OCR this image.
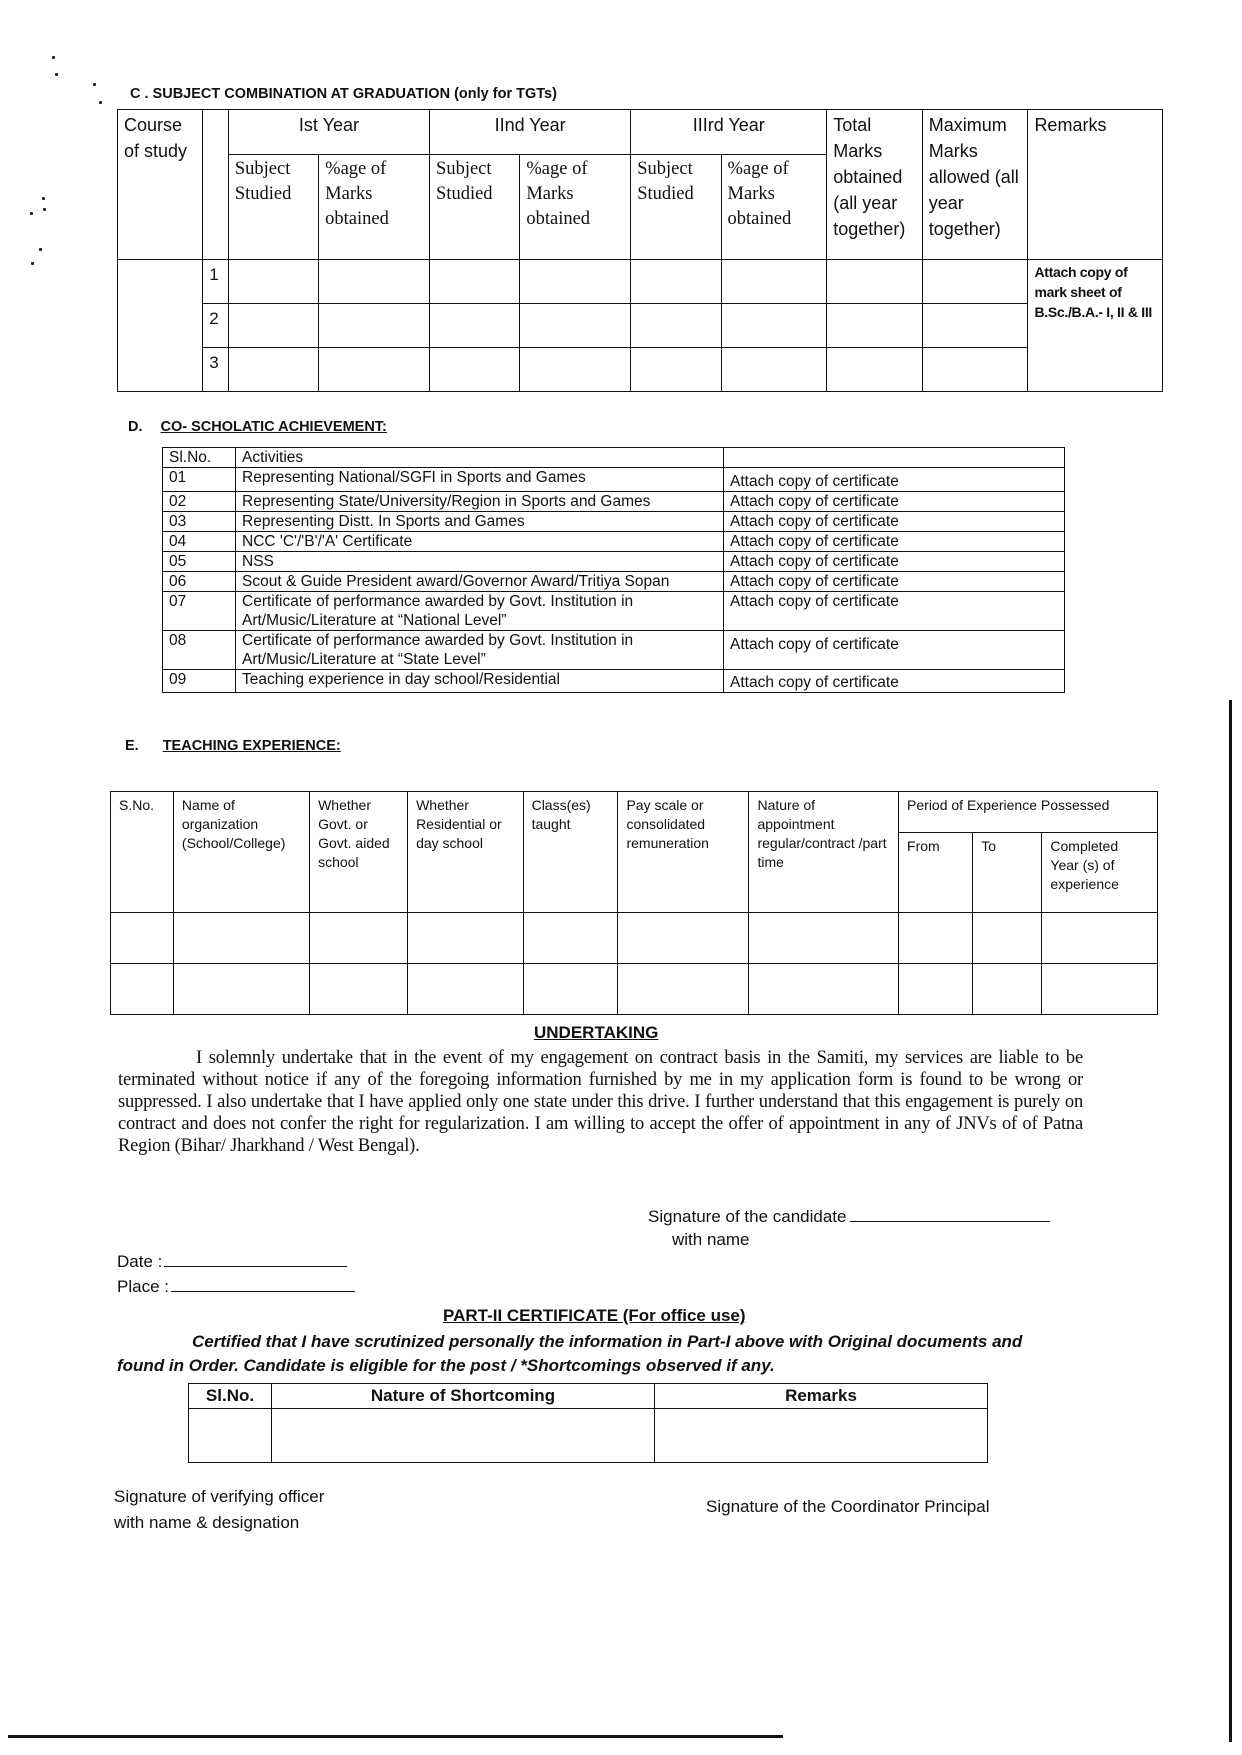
C . SUBJECT COMBINATION AT GRADUATION (only for TGTs)
Course of study		Ist Year		IInd Year		IIIrd Year		Total Marks obtained (all year together)	Maximum Marks allowed (all year together)	Remarks
		Subject Studied	%age of Marks obtained	Subject Studied	%age of Marks obtained	Subject Studied	%age of Marks obtained			
	1									Attach copy of mark sheet of B.Sc./B.A.- I, II & III
	2									
	3									
D. CO- SCHOLATIC ACHIEVEMENT:
Sl.No.	Activities	
01	Representing National/SGFI in Sports and Games	Attach copy of certificate
02	Representing State/University/Region in Sports and Games	Attach copy of certificate
03	Representing Distt. In Sports and Games	Attach copy of certificate
04	NCC 'C'/'B'/'A' Certificate	Attach copy of certificate
05	NSS	Attach copy of certificate
06	Scout & Guide President award/Governor Award/Tritiya Sopan	Attach copy of certificate
07	Certificate of performance awarded by Govt. Institution in Art/Music/Literature at “National Level”	Attach copy of certificate
08	Certificate of performance awarded by Govt. Institution in Art/Music/Literature at “State Level”	Attach copy of certificate
09	Teaching experience in day school/Residential	Attach copy of certificate
E. TEACHING EXPERIENCE:
S.No.	Name of organization (School/College)	Whether Govt. or Govt. aided school	Whether Residential or day school	Class(es) taught	Pay scale or consolidated remuneration	Nature of appointment regular/contract /part time	Period of Experience Possessed		
							From	To	Completed Year (s) of experience

UNDERTAKING
I solemnly undertake that in the event of my engagement on contract basis in the Samiti, my services are liable to be terminated without notice if any of the foregoing information furnished by me in my application form is found to be wrong or suppressed. I also undertake that I have applied only one state under this drive. I further understand that this engagement is purely on contract and does not confer the right for regularization. I am willing to accept the offer of appointment in any of JNVs of of Patna Region (Bihar/ Jharkhand / West Bengal).
Signature of the candidate
with name
Date :
Place :
PART-II CERTIFICATE (For office use)
Certified that I have scrutinized personally the information in Part-I above with Original documents and found in Order. Candidate is eligible for the post / *Shortcomings observed if any.
Sl.No.	Nature of Shortcoming	Remarks

Signature of verifying officer
with name & designation
Signature of the Coordinator Principal
